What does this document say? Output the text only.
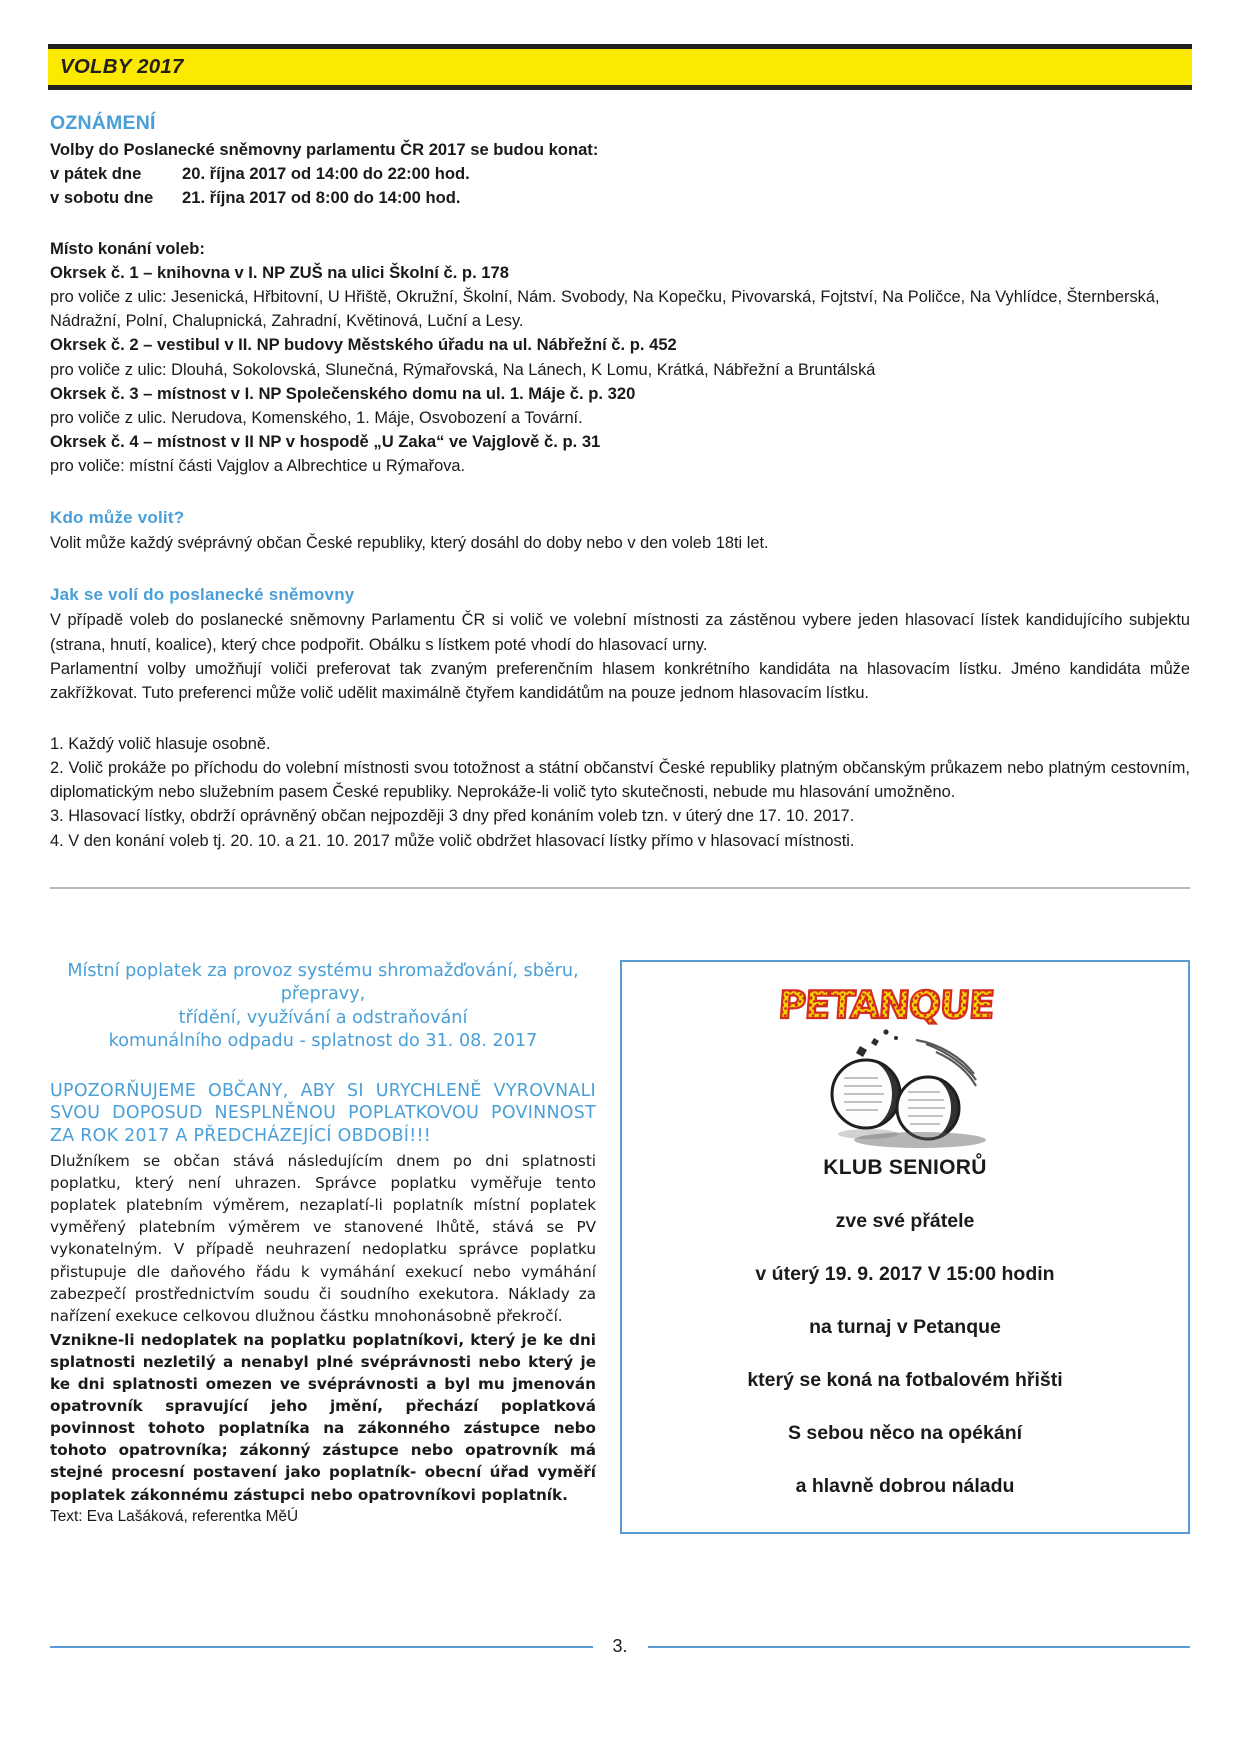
VOLBY 2017
OZNÁMENÍ
Volby do Poslanecké sněmovny parlamentu ČR 2017 se budou konat:
v pátek dne	20. října 2017 od 14:00 do 22:00 hod.
v sobotu dne	21. října 2017 od 8:00 do 14:00 hod.
Místo konání voleb:
Okrsek č. 1 – knihovna v I. NP ZUŠ na ulici Školní č. p. 178
pro voliče z ulic: Jesenická, Hřbitovní, U Hřiště, Okružní, Školní, Nám. Svobody, Na Kopečku, Pivovarská, Fojtství, Na Poličce, Na Vyhlídce, Šternberská, Nádražní, Polní, Chalupnická, Zahradní, Květinová, Luční a Lesy.
Okrsek č. 2 – vestibul v II. NP budovy Městského úřadu na ul. Nábřežní č. p. 452
pro voliče z ulic: Dlouhá, Sokolovská, Slunečná, Rýmařovská, Na Lánech, K Lomu, Krátká, Nábřežní a Bruntálská
Okrsek č. 3 – místnost v I. NP Společenského domu na ul. 1. Máje č. p. 320
pro voliče z ulic. Nerudova, Komenského, 1. Máje, Osvobození a Tovární.
Okrsek č. 4 – místnost v II NP v hospodě „U Zaka“ ve Vajglově č. p. 31
pro voliče: místní části Vajglov a Albrechtice u Rýmařova.
Kdo může volit?
Volit může každý svéprávný občan České republiky, který dosáhl do doby nebo v den voleb 18ti let.
Jak se volí do poslanecké sněmovny
V případě voleb do poslanecké sněmovny Parlamentu ČR si volič ve volební místnosti za zástěnou vybere jeden hlasovací lístek kandidujícího subjektu (strana, hnutí, koalice), který chce podpořit. Obálku s lístkem poté vhodí do hlasovací urny.
Parlamentní volby umožňují voliči preferovat tak zvaným preferenčním hlasem konkrétního kandidáta na hlasovacím lístku. Jméno kandidáta může zakřížkovat. Tuto preferenci může volič udělit maximálně čtyřem kandidátům na pouze jednom hlasovacím lístku.
1. Každý volič hlasuje osobně.
2. Volič prokáže po příchodu do volební místnosti svou totožnost a státní občanství České republiky platným občanským průkazem nebo platným cestovním, diplomatickým nebo služebním pasem České republiky. Neprokáže-li volič tyto skutečnosti, nebude mu hlasování umožněno.
3. Hlasovací lístky, obdrží oprávněný občan nejpozději 3 dny před konáním voleb tzn. v úterý dne 17. 10. 2017.
4. V den konání voleb tj. 20. 10. a 21. 10. 2017 může volič obdržet hlasovací lístky přímo v hlasovací místnosti.
Místní poplatek za provoz systému shromažďování, sběru, přepravy,
třídění, využívání a odstraňování
komunálního odpadu - splatnost do 31. 08. 2017
UPOZORŇUJEME OBČANY, ABY SI URYCHLENĚ VYROVNALI SVOU DOPOSUD NESPLNĚNOU POPLATKOVOU POVINNOST ZA ROK 2017 A PŘEDCHÁZEJÍCÍ OBDOBÍ!!!
Dlužníkem se občan stává následujícím dnem po dni splatnosti poplatku, který není uhrazen. Správce poplatku vyměřuje tento poplatek platebním výměrem, nezaplatí-li poplatník místní poplatek vyměřený platebním výměrem ve stanovené lhůtě, stává se PV vykonatelným. V případě neuhrazení nedoplatku správce poplatku přistupuje dle daňového řádu k vymáhání exekucí nebo vymáhání zabezpečí prostřednictvím soudu či soudního exekutora. Náklady za nařízení exekuce celkovou dlužnou částku mnohonásobně překročí.
Vznikne-li nedoplatek na poplatku poplatníkovi, který je ke dni splatnosti nezletilý a nenabyl plné svéprávnosti nebo který je ke dni splatnosti omezen ve svéprávnosti a byl mu jmenován opatrovník spravující jeho jmění, přechází poplatková povinnost tohoto poplatníka na zákonného zástupce nebo tohoto opatrovníka; zákonný zástupce nebo opatrovník má stejné procesní postavení jako poplatník- obecní úřad vyměří poplatek zákonnému zástupci nebo opatrovníkovi poplatník.
Text: Eva Lašáková, referentka MěÚ
PETANQUE
KLUB SENIORŮ
zve své přátele
v úterý 19. 9. 2017 V 15:00 hodin
na turnaj v Petanque
který se koná na fotbalovém hřišti
S sebou něco na opékání
a hlavně dobrou náladu
3.
